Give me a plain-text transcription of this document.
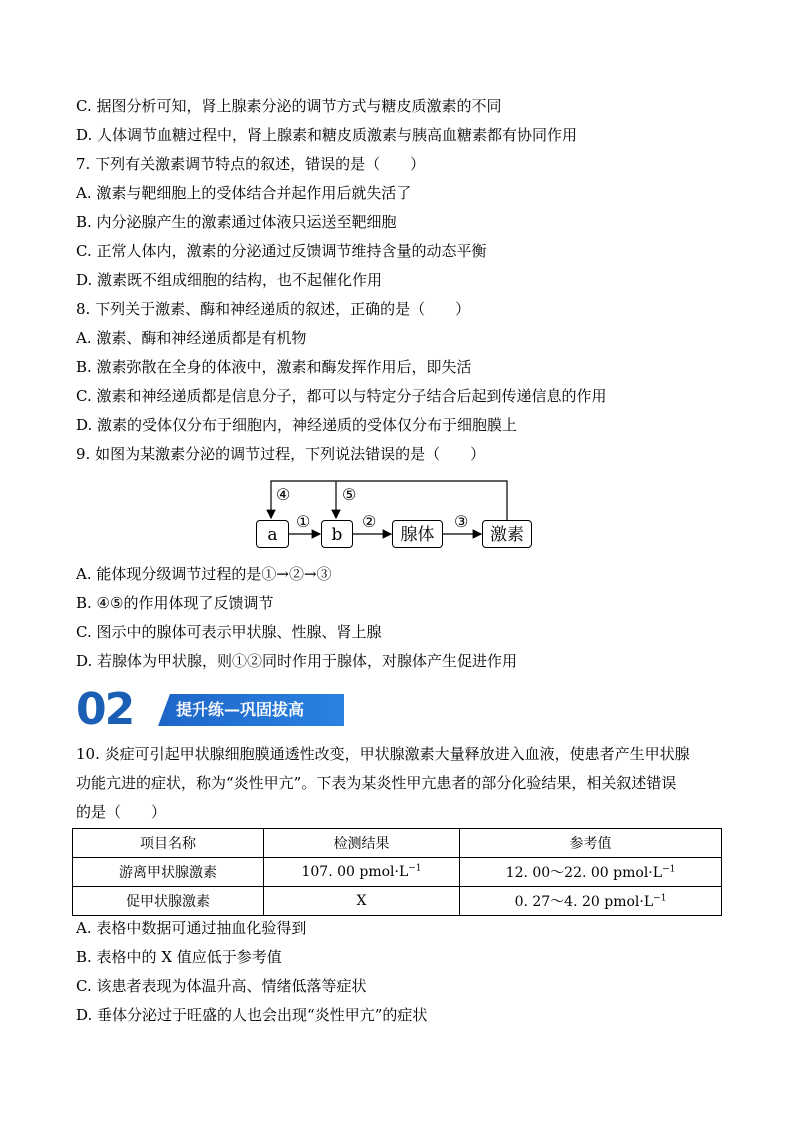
C. 据图分析可知，肾上腺素分泌的调节方式与糖皮质激素的不同
D. 人体调节血糖过程中，肾上腺素和糖皮质激素与胰高血糖素都有协同作用
7. 下列有关激素调节特点的叙述，错误的是（　　）
A. 激素与靶细胞上的受体结合并起作用后就失活了
B. 内分泌腺产生的激素通过体液只运送至靶细胞
C. 正常人体内，激素的分泌通过反馈调节维持含量的动态平衡
D. 激素既不组成细胞的结构，也不起催化作用
8. 下列关于激素、酶和神经递质的叙述，正确的是（　　）
A. 激素、酶和神经递质都是有机物
B. 激素弥散在全身的体液中，激素和酶发挥作用后，即失活
C. 激素和神经递质都是信息分子，都可以与特定分子结合后起到传递信息的作用
D. 激素的受体仅分布于细胞内，神经递质的受体仅分布于细胞膜上
9. 如图为某激素分泌的调节过程，下列说法错误的是（　　）
a	b	腺体	激素
④	⑤
①	②	③
A. 能体现分级调节过程的是①→②→③
B. ④⑤的作用体现了反馈调节
C. 图示中的腺体可表示甲状腺、性腺、肾上腺
D. 若腺体为甲状腺，则①②同时作用于腺体，对腺体产生促进作用
02	提升练—巩固拔高
10. 炎症可引起甲状腺细胞膜通透性改变，甲状腺激素大量释放进入血液，使患者产生甲状腺
功能亢进的症状，称为“炎性甲亢”。下表为某炎性甲亢患者的部分化验结果，相关叙述错误
的是（　　）
项目名称	检测结果	参考值
游离甲状腺激素	107. 00 $pmol\cdot L^{-1}$	12. 00～22. 00 $pmol\cdot L^{-1}$
促甲状腺激素	X	0. 27～4. 20 $pmol\cdot L^{-1}$
A. 表格中数据可通过抽血化验得到
B. 表格中的 X 值应低于参考值
C. 该患者表现为体温升高、情绪低落等症状
D. 垂体分泌过于旺盛的人也会出现“炎性甲亢”的症状
